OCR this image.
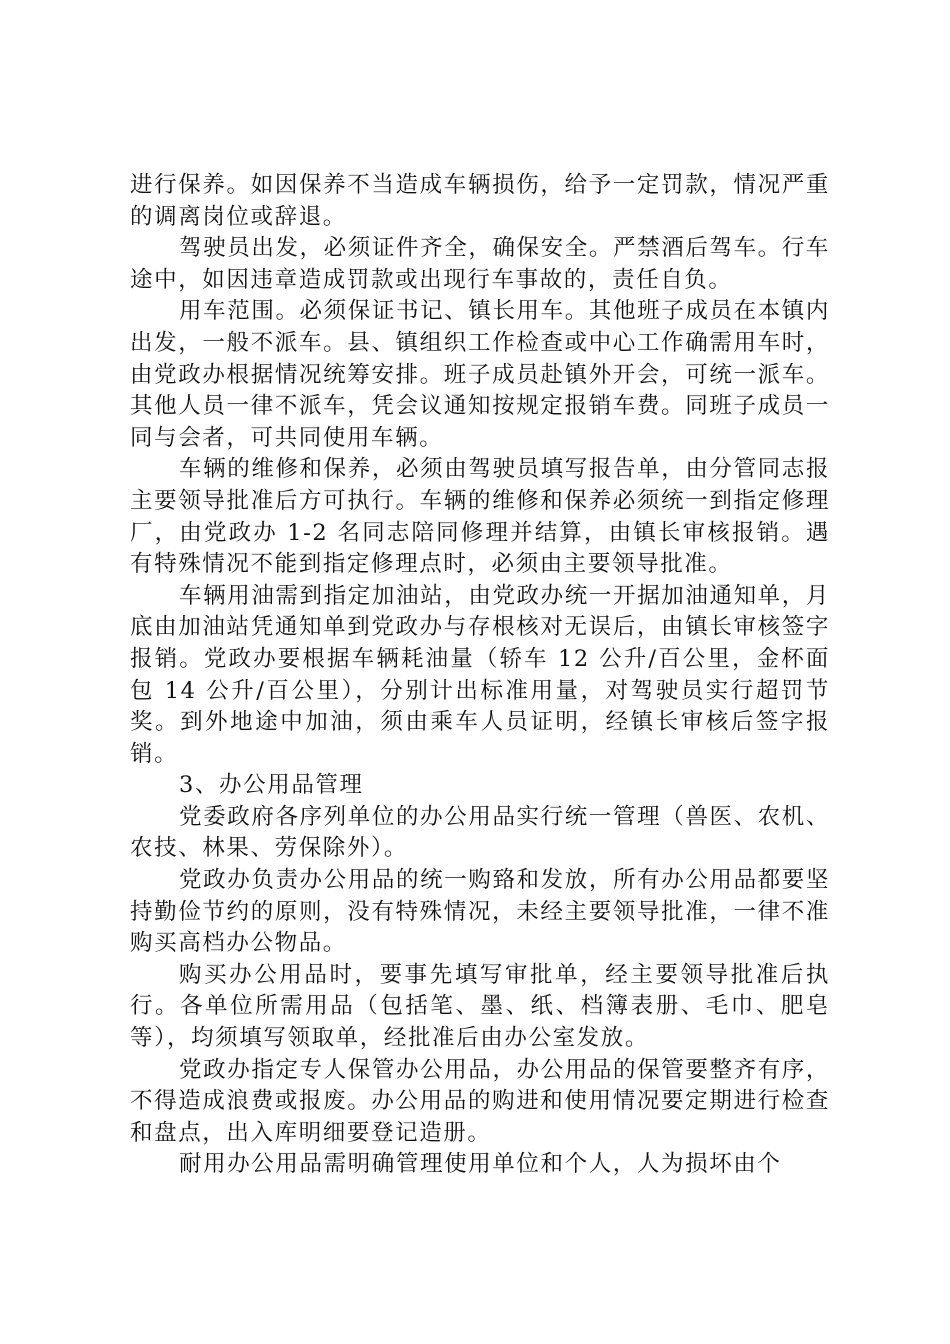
进行保养。如因保养不当造成车辆损伤，给予一定罚款，情况严重的调离岗位或辞退。

驾驶员出发，必须证件齐全，确保安全。严禁酒后驾车。行车途中，如因违章造成罚款或出现行车事故的，责任自负。

用车范围。必须保证书记、镇长用车。其他班子成员在本镇内出发，一般不派车。县、镇组织工作检查或中心工作确需用车时，由党政办根据情况统筹安排。班子成员赴镇外开会，可统一派车。其他人员一律不派车，凭会议通知按规定报销车费。同班子成员一同与会者，可共同使用车辆。

车辆的维修和保养，必须由驾驶员填写报告单，由分管同志报主要领导批准后方可执行。车辆的维修和保养必须统一到指定修理厂，由党政办 1-2 名同志陪同修理并结算，由镇长审核报销。遇有特殊情况不能到指定修理点时，必须由主要领导批准。

车辆用油需到指定加油站，由党政办统一开据加油通知单，月底由加油站凭通知单到党政办与存根核对无误后，由镇长审核签字报销。党政办要根据车辆耗油量（轿车 12 公升/百公里，金杯面包 14 公升/百公里），分别计出标准用量，对驾驶员实行超罚节奖。到外地途中加油，须由乘车人员证明，经镇长审核后签字报销。

3、办公用品管理

党委政府各序列单位的办公用品实行统一管理（兽医、农机、农技、林果、劳保除外）。

党政办负责办公用品的统一购臵和发放，所有办公用品都要坚持勤俭节约的原则，没有特殊情况，未经主要领导批准，一律不准购买高档办公物品。

购买办公用品时，要事先填写审批单，经主要领导批准后执行。各单位所需用品（包括笔、墨、纸、档簿表册、毛巾、肥皂等），均须填写领取单，经批准后由办公室发放。

党政办指定专人保管办公用品，办公用品的保管要整齐有序，不得造成浪费或报废。办公用品的购进和使用情况要定期进行检查和盘点，出入库明细要登记造册。

耐用办公用品需明确管理使用单位和个人，人为损坏由个
